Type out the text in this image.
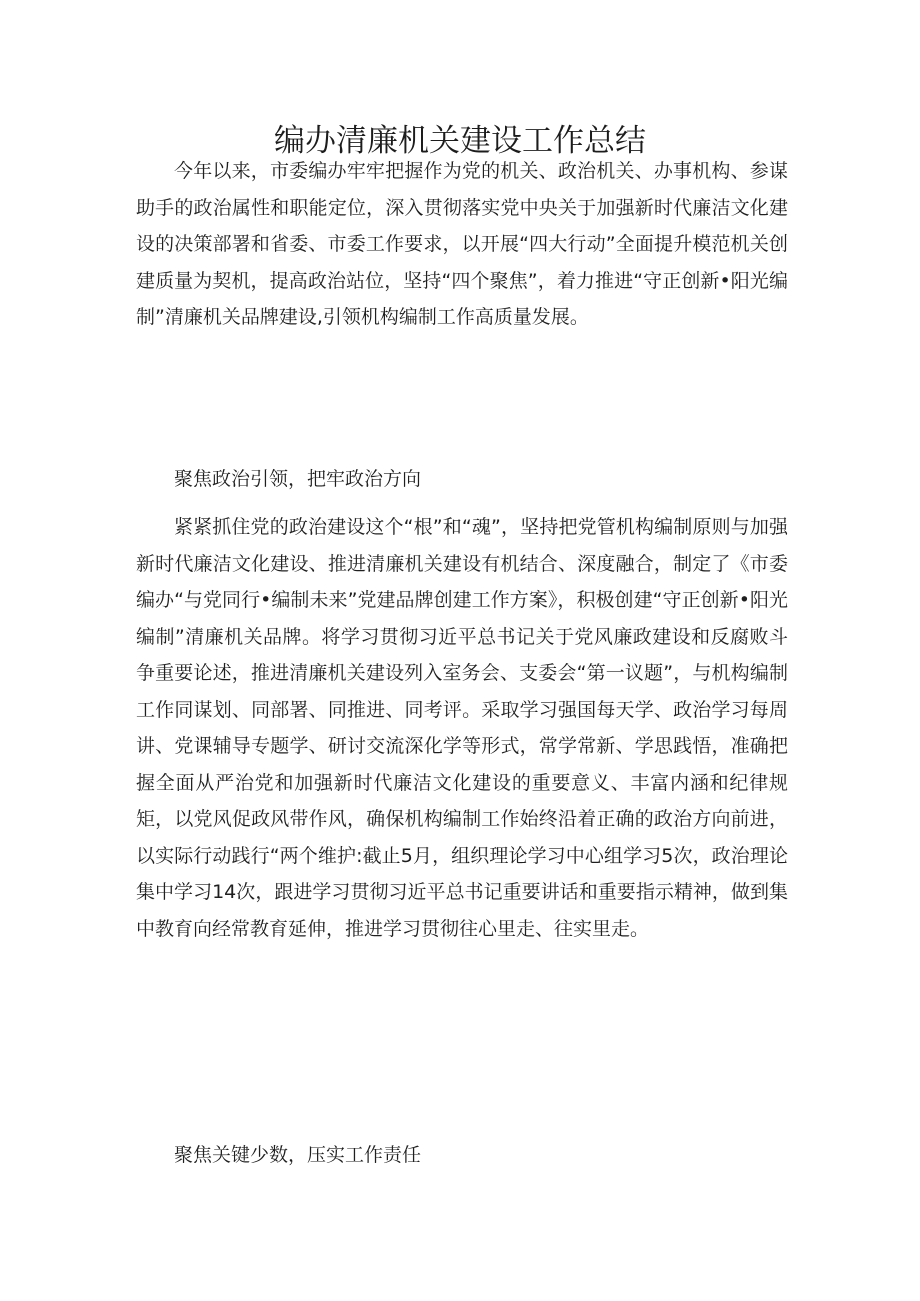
编办清廉机关建设工作总结

今年以来，市委编办牢牢把握作为党的机关、政治机关、办事机构、参谋助手的政治属性和职能定位，深入贯彻落实党中央关于加强新时代廉洁文化建设的决策部署和省委、市委工作要求，以开展“四大行动”全面提升模范机关创建质量为契机，提高政治站位，坚持“四个聚焦”，着力推进“守正创新•阳光编制”清廉机关品牌建设,引领机构编制工作高质量发展。

聚焦政治引领，把牢政治方向

紧紧抓住党的政治建设这个“根”和“魂”，坚持把党管机构编制原则与加强新时代廉洁文化建设、推进清廉机关建设有机结合、深度融合，制定了《市委编办“与党同行•编制未来”党建品牌创建工作方案》，积极创建“守正创新•阳光编制”清廉机关品牌。将学习贯彻习近平总书记关于党风廉政建设和反腐败斗争重要论述，推进清廉机关建设列入室务会、支委会“第一议题”，与机构编制工作同谋划、同部署、同推进、同考评。采取学习强国每天学、政治学习每周讲、党课辅导专题学、研讨交流深化学等形式，常学常新、学思践悟，准确把握全面从严治党和加强新时代廉洁文化建设的重要意义、丰富内涵和纪律规矩，以党风促政风带作风，确保机构编制工作始终沿着正确的政治方向前进，以实际行动践行“两个维护:截止5月，组织理论学习中心组学习5次，政治理论集中学习14次，跟进学习贯彻习近平总书记重要讲话和重要指示精神，做到集中教育向经常教育延伸，推进学习贯彻往心里走、往实里走。

聚焦关键少数，压实工作责任
